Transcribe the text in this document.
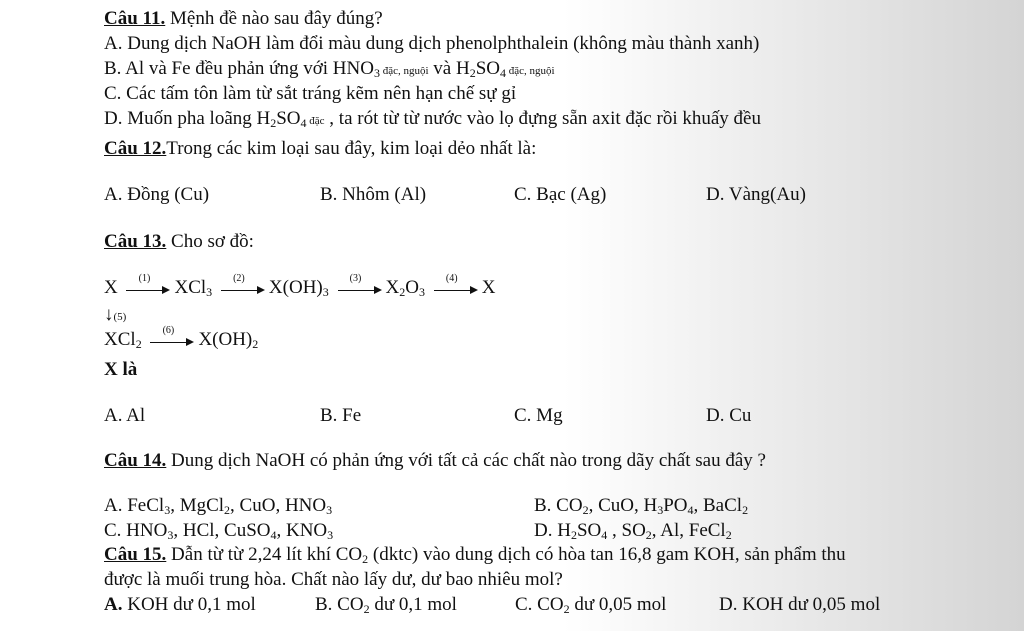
Câu 11. Mệnh đề nào sau đây đúng?
A. Dung dịch NaOH làm đổi màu dung dịch phenolphthalein (không màu thành xanh)
B. Al và Fe đều phản ứng với $HNO_3$ đặc, nguội và $H_2SO_4$ đặc, nguội
C. Các tấm tôn làm từ sắt tráng kẽm nên hạn chế sự gỉ
D. Muốn pha loãng $H_2SO_4$ đặc , ta rót từ từ nước vào lọ đựng sẵn axit đặc rồi khuấy đều
Câu 12.Trong các kim loại sau đây, kim loại dẻo nhất là:
A. Đồng (Cu)	B. Nhôm (Al)	C. Bạc (Ag)	D. Vàng(Au)
Câu 13. Cho sơ đồ:
X	(1)	XCl$_3$
(2)	$X(OH)_3$
(3)	$X_2O_3$
(4)	X
↓(5)
XCl$_2$
(6)	$X(OH)_2$
X là
A. Al	B. Fe	C. Mg	D. Cu
Câu 14. Dung dịch NaOH có phản ứng với tất cả các chất nào trong dãy chất sau đây ?
A. FeCl$_3$, MgCl$_2$, CuO, $HNO_3$	B. $CO_2$, CuO, $H_3PO_4$, BaCl$_2$
C. $HNO_3$, HCl, CuSO$_4$, $KNO_3$	D. $H_2SO_4$ , $SO_2$, Al, FeCl$_2$
Câu 15. Dẫn từ từ 2,24 lít khí $CO_2$ (dktc) vào dung dịch có hòa tan 16,8 gam KOH, sản phẩm thu
được là muối trung hòa. Chất nào lấy dư, dư bao nhiêu mol?
A. KOH dư 0,1 mol	B. $CO_2$ dư 0,1 mol	C. $CO_2$ dư 0,05 mol	D. KOH dư 0,05 mol
